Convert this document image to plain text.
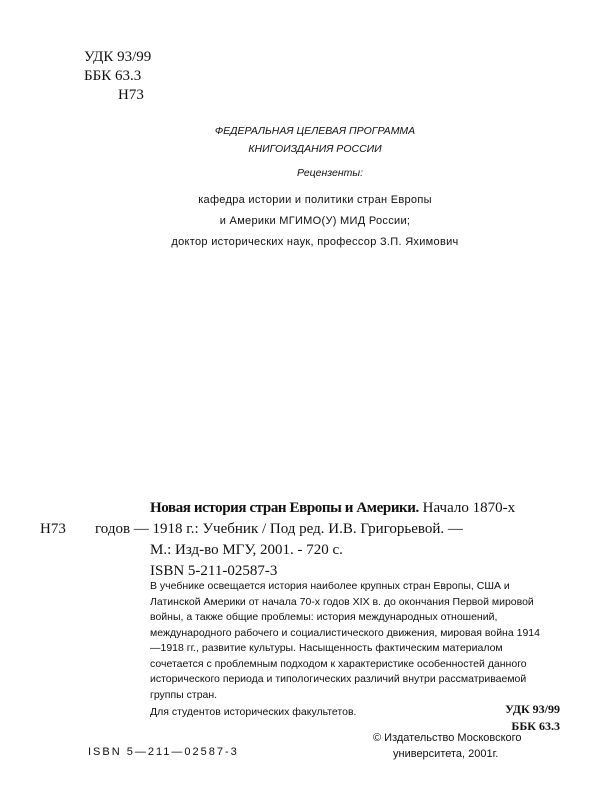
УДК 93/99
ББК 63.3
Н73
ФЕДЕРАЛЬНАЯ ЦЕЛЕВАЯ ПРОГРАММА
КНИГОИЗДАНИЯ РОССИИ
Рецензенты:
кафедра истории и политики стран Европы
и Америки МГИМО(У) МИД России;
доктор исторических наук, профессор З.П. Яхимович
Новая история стран Европы и Америки. Начало 1870-х
Н73 годов — 1918 г.: Учебник / Под ред. И.В. Григорьевой. —
М.: Изд-во МГУ, 2001. - 720 с.
ISBN 5-211-02587-3

В учебнике освещается история наиболее крупных стран Европы, США и Латинской Америки от начала 70-х годов XIX в. до окончания Первой мировой войны, а также общие проблемы: история международных отношений, международного рабочего и социалистического движения, мировая война 1914—1918 гг., развитие культуры. Насыщенность фактическим материалом сочетается с проблемным подходом к характеристике особенностей данного исторического периода и типологических различий внутри рассматриваемой группы стран.

Для студентов исторических факультетов.	УДК 93/99
ББК 63.3
ISBN 5—211—02587-3
© Издательство Московского
университета, 2001г.
